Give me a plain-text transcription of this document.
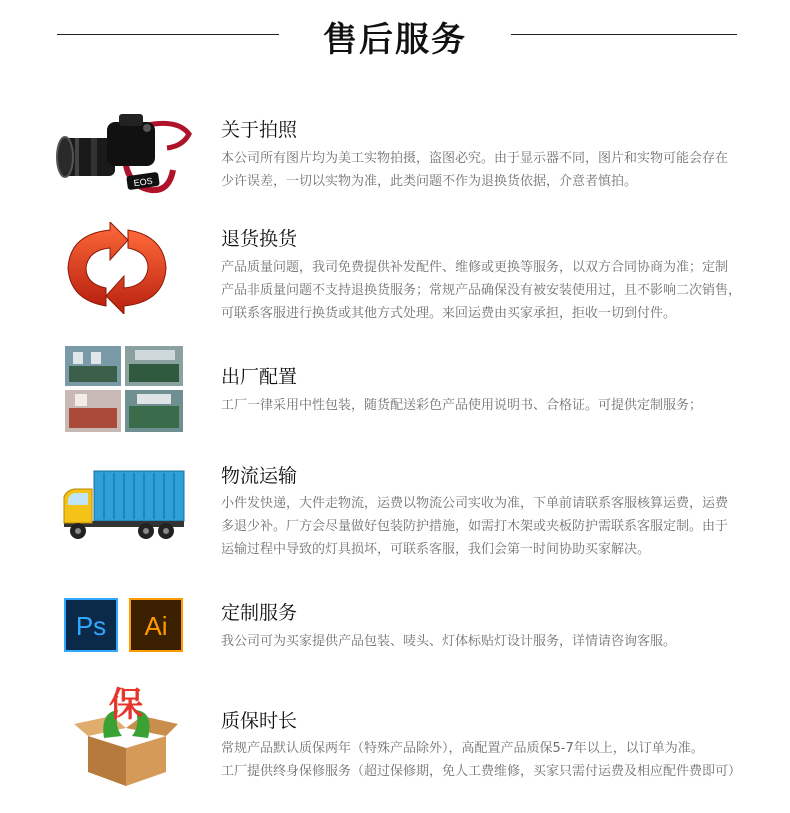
售后服务
EOS
关于拍照

本公司所有图片均为美工实物拍摄，盗图必究。由于显示器不同，图片和实物可能会存在

少许误差，一切以实物为准，此类问题不作为退换货依据，介意者慎拍。

退货换货

产品质量问题，我司免费提供补发配件、维修或更换等服务，以双方合同协商为准；定制

产品非质量问题不支持退换货服务；常规产品确保没有被安装使用过，且不影响二次销售，

可联系客服进行换货或其他方式处理。来回运费由买家承担，拒收一切到付件。

出厂配置

工厂一律采用中性包装，随货配送彩色产品使用说明书、合格证。可提供定制服务；

物流运输

小件发快递，大件走物流，运费以物流公司实收为准，下单前请联系客服核算运费，运费

多退少补。厂方会尽量做好包装防护措施，如需打木架或夹板防护需联系客服定制。由于

运输过程中导致的灯具损坏，可联系客服，我们会第一时间协助买家解决。

Ps Ai	定制服务

我公司可为买家提供产品包装、唛头、灯体标贴灯设计服务，详情请咨询客服。

保	质保时长

常规产品默认质保两年（特殊产品除外），高配置产品质保5-7年以上，以订单为准。

工厂提供终身保修服务（超过保修期，免人工费维修，买家只需付运费及相应配件费即可）
